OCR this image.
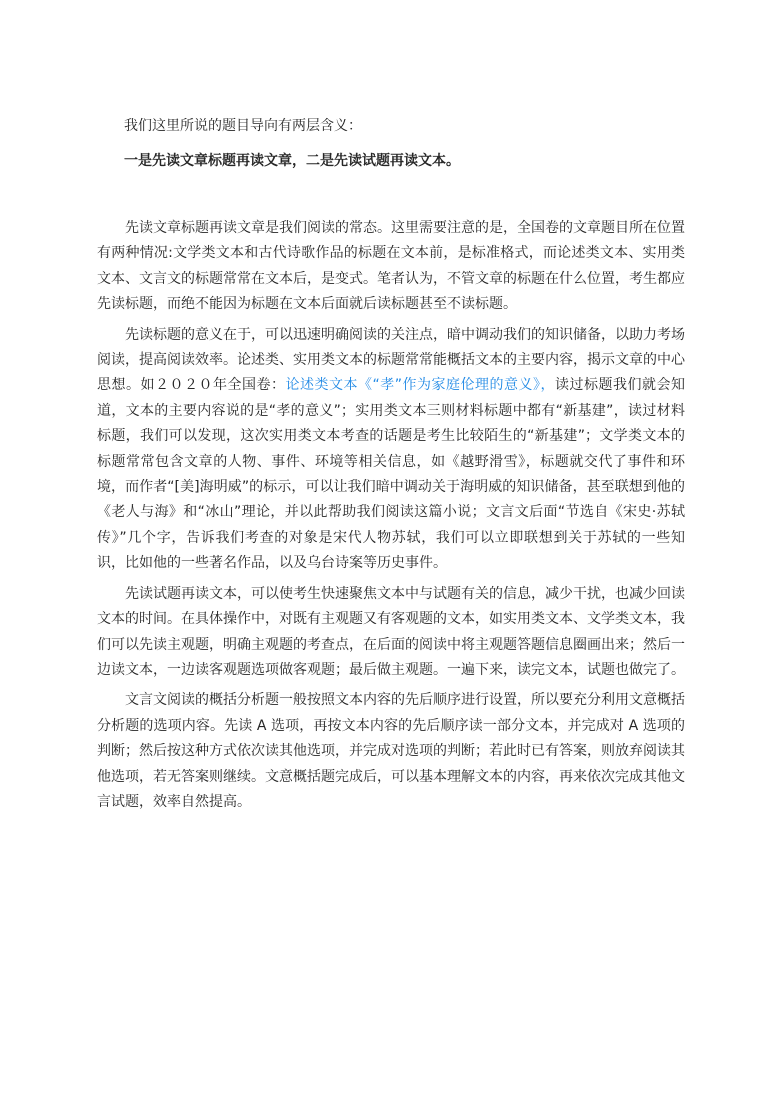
我们这里所说的题目导向有两层含义：

一是先读文章标题再读文章，二是先读试题再读文本。

先读文章标题再读文章是我们阅读的常态。这里需要注意的是，全国卷的文章题目所在位置有两种情况:文学类文本和古代诗歌作品的标题在文本前，是标准格式，而论述类文本、实用类文本、文言文的标题常常在文本后，是变式。笔者认为，不管文章的标题在什么位置，考生都应先读标题，而绝不能因为标题在文本后面就后读标题甚至不读标题。

先读标题的意义在于，可以迅速明确阅读的关注点，暗中调动我们的知识储备，以助力考场阅读，提高阅读效率。论述类、实用类文本的标题常常能概括文本的主要内容，揭示文章的中心思想。如２０２０年全国卷：论述类文本《“孝”作为家庭伦理的意义》，读过标题我们就会知道，文本的主要内容说的是“孝的意义”；实用类文本三则材料标题中都有“新基建”，读过材料标题，我们可以发现，这次实用类文本考查的话题是考生比较陌生的“新基建”；文学类文本的标题常常包含文章的人物、事件、环境等相关信息，如《越野滑雪》，标题就交代了事件和环境，而作者“[美]海明威”的标示，可以让我们暗中调动关于海明威的知识储备，甚至联想到他的《老人与海》和“冰山”理论，并以此帮助我们阅读这篇小说；文言文后面“节选自《宋史·苏轼传》”几个字，告诉我们考查的对象是宋代人物苏轼，我们可以立即联想到关于苏轼的一些知识，比如他的一些著名作品，以及乌台诗案等历史事件。

先读试题再读文本，可以使考生快速聚焦文本中与试题有关的信息，减少干扰，也减少回读文本的时间。在具体操作中，对既有主观题又有客观题的文本，如实用类文本、文学类文本，我们可以先读主观题，明确主观题的考查点，在后面的阅读中将主观题答题信息圈画出来；然后一边读文本，一边读客观题选项做客观题；最后做主观题。一遍下来，读完文本，试题也做完了。

文言文阅读的概括分析题一般按照文本内容的先后顺序进行设置，所以要充分利用文意概括分析题的选项内容。先读 A 选项，再按文本内容的先后顺序读一部分文本，并完成对 A 选项的判断；然后按这种方式依次读其他选项，并完成对选项的判断；若此时已有答案，则放弃阅读其他选项，若无答案则继续。文意概括题完成后，可以基本理解文本的内容，再来依次完成其他文言试题，效率自然提高。
